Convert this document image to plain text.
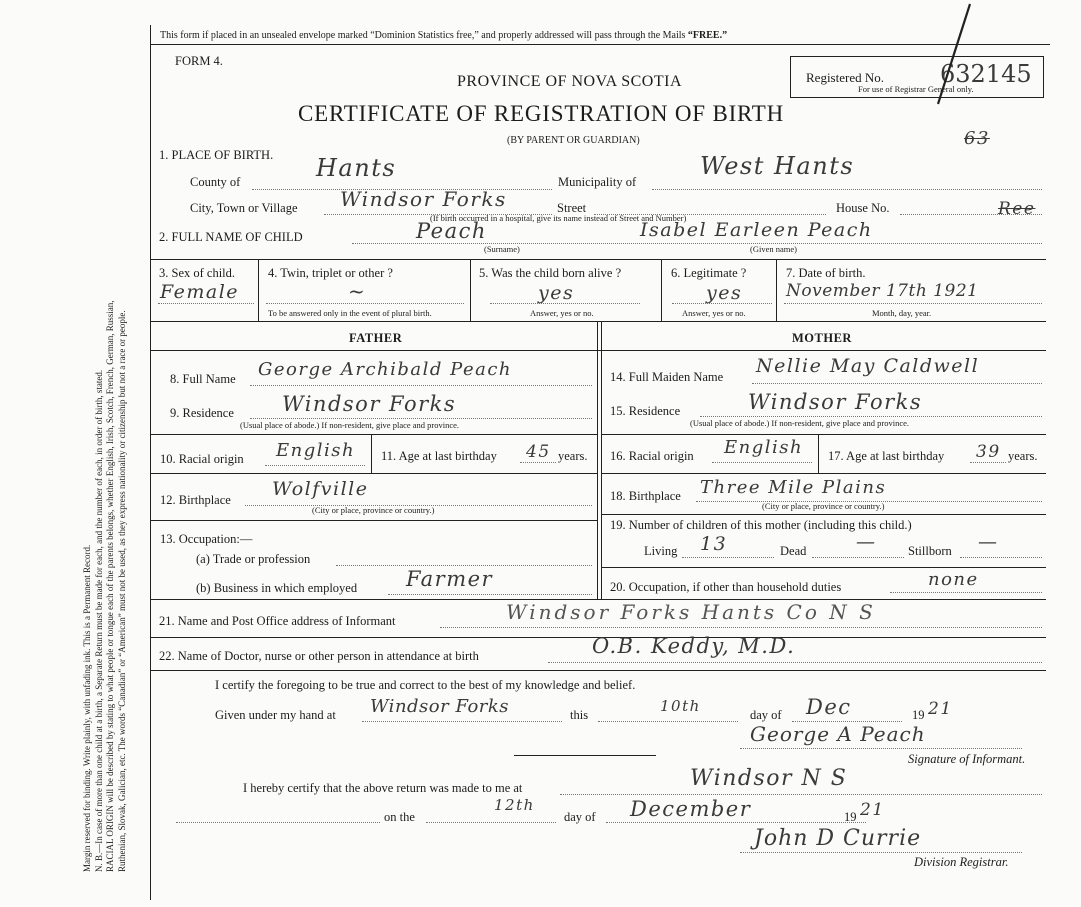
Margin reserved for binding. Write plainly, with unfading ink. This is a Permanent Record. N. B.—In case of more than one child at a birth, a Separate Return must be made for each, and the number of each, in order of birth, stated. RACIAL ORIGIN will be described by stating to what people or tongue each of the parents belongs, whether English, Irish, Scotch, French, German, Russian, Ruthenian, Slovak, Galician, etc. The words “Canadian” or “American” must not be used, as they express nationality or citizenship but not a race or people.
This form if placed in an unsealed envelope marked “Dominion Statistics free,” and properly addressed will pass through the Mails “FREE.”
FORM 4.
PROVINCE OF NOVA SCOTIA
CERTIFICATE OF REGISTRATION OF BIRTH
(BY PARENT OR GUARDIAN)
Registered No. 632145
For use of Registrar General only.
63
1. PLACE OF BIRTH.
County of	Hants	Municipality of
West Hants
City, Town or Village Windsor Forks	Street	House No.	Ree
(If birth occurred in a hospital, give its name instead of Street and Number)
2. FULL NAME OF CHILD	Peach	Isabel Earleen Peach
(Surname)	(Given name)
3. Sex of child.
Female
4. Twin, triplet or other ?
~
To be answered only in the event of plural birth.
5. Was the child born alive ?
yes
Answer, yes or no.
6. Legitimate ?
yes
Answer, yes or no.
7. Date of birth.
November 17th 1921
Month, day, year.
FATHER	MOTHER
8. Full Name George Archibald Peach
9. Residence Windsor Forks
(Usual place of abode.) If non-resident, give place and province.
10. Racial origin English 11. Age at last birthday 45 years.
12. Birthplace Wolfville
(City or place, province or country.)
13. Occupation:—
(a) Trade or profession
(b) Business in which employed Farmer
14. Full Maiden Name Nellie May Caldwell
15. Residence	Windsor Forks
(Usual place of abode.) If non-resident, give place and province.
16. Racial origin English 17. Age at last birthday 39 years.
18. Birthplace Three Mile Plains
(City or place, province or country.)
19. Number of children of this mother (including this child.)
Living 13	Dead	—	Stillborn —
20. Occupation, if other than household duties	none
21. Name and Post Office address of Informant	Windsor Forks Hants Co N S
22. Name of Doctor, nurse or other person in attendance at birth	O.B. Keddy, M.D.
I certify the foregoing to be true and correct to the best of my knowledge and belief.
Given under my hand at Windsor Forks	this	10th	day of Dec	19 21
George A Peach
Signature of Informant.
I hereby certify that the above return was made to me at	Windsor N S
on the
12th
day of December	19 21
John D Currie
Division Registrar.
